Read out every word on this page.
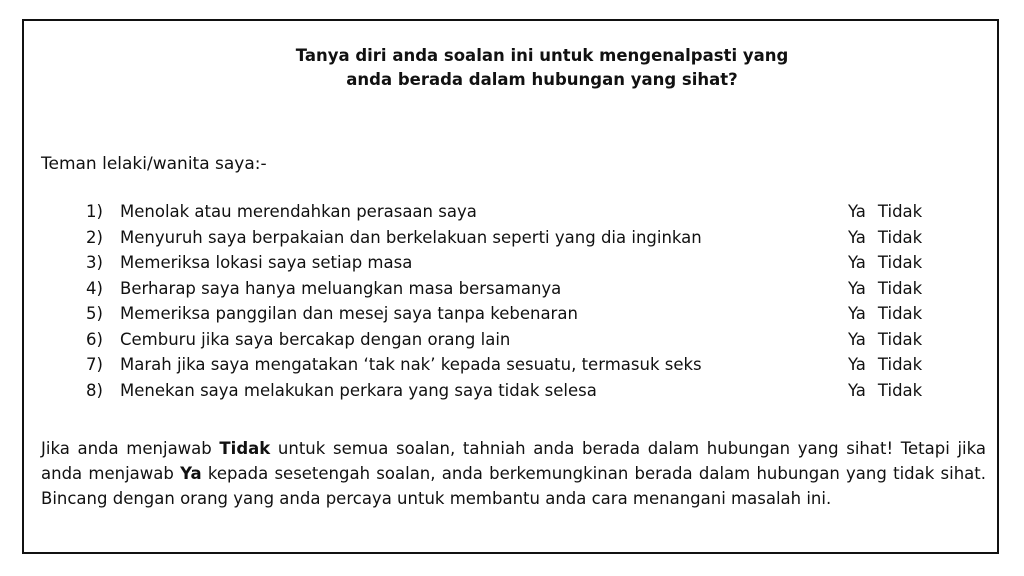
Tanya diri anda soalan ini untuk mengenalpasti yang
anda berada dalam hubungan yang sihat?
Teman lelaki/wanita saya:-
1)	Menolak atau merendahkan perasaan saya	Ya Tidak
2)	Menyuruh saya berpakaian dan berkelakuan seperti yang dia inginkan	Ya Tidak
3)	Memeriksa lokasi saya setiap masa	Ya Tidak
4)	Berharap saya hanya meluangkan masa bersamanya	Ya Tidak
5)	Memeriksa panggilan dan mesej saya tanpa kebenaran	Ya Tidak
6)	Cemburu jika saya bercakap dengan orang lain	Ya Tidak
7)	Marah jika saya mengatakan ‘tak nak’ kepada sesuatu, termasuk seks	Ya Tidak
8)	Menekan saya melakukan perkara yang saya tidak selesa	Ya Tidak
Jika anda menjawab Tidak untuk semua soalan, tahniah anda berada dalam hubungan yang sihat! Tetapi jika anda menjawab Ya kepada sesetengah soalan, anda berkemungkinan berada dalam hubungan yang tidak sihat. Bincang dengan orang yang anda percaya untuk membantu anda cara menangani masalah ini.
